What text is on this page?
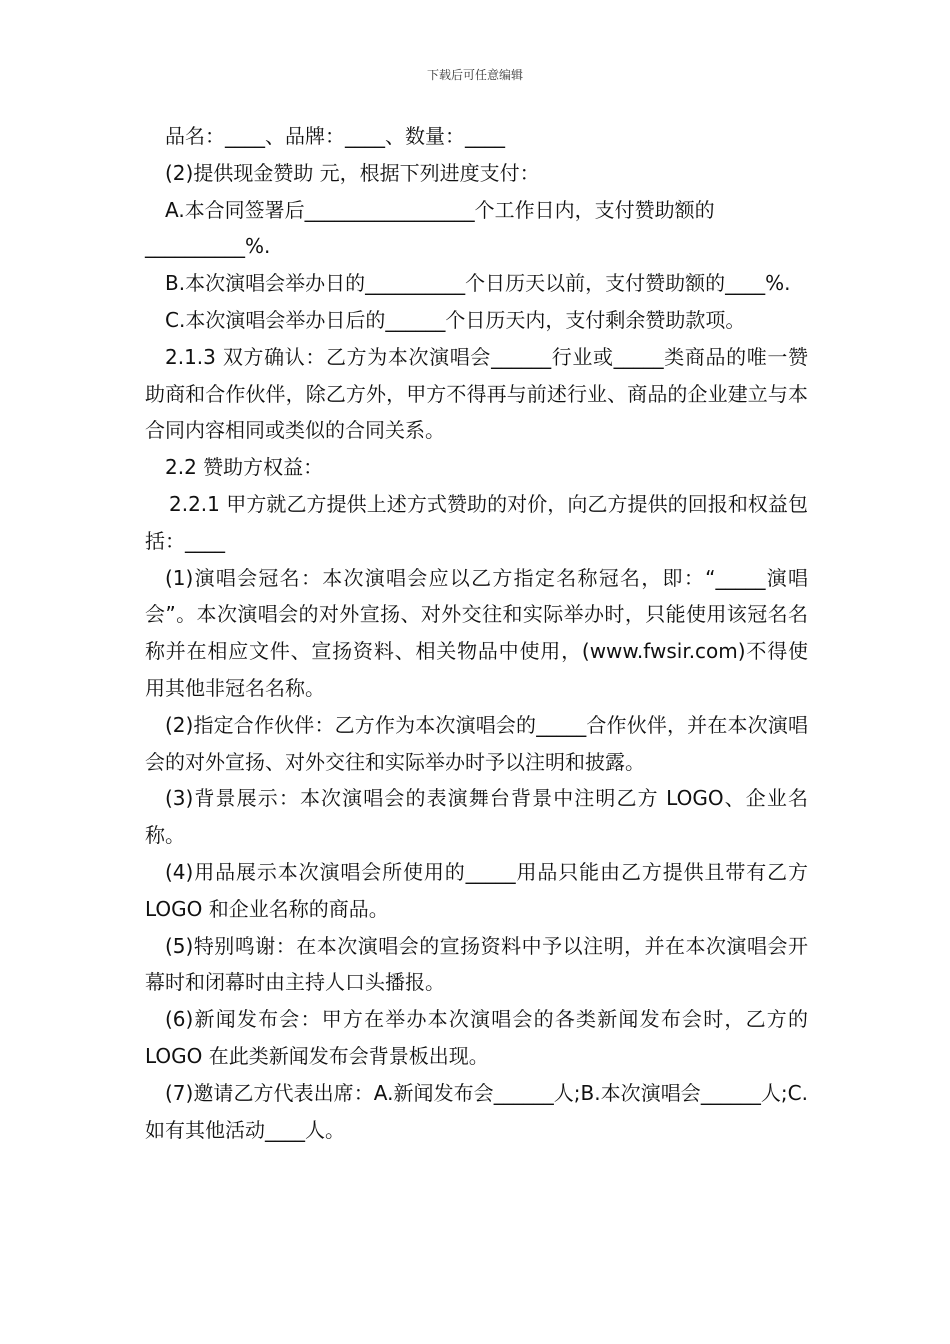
下载后可任意编辑

品名：____、品牌：____、数量：____

(2)提供现金赞助 元，根据下列进度支付：

A.本合同签署后_________________个工作日内，支付赞助额的__________%.

B.本次演唱会举办日的__________个日历天以前，支付赞助额的____%.

C.本次演唱会举办日后的______个日历天内，支付剩余赞助款项。

2.1.3 双方确认：乙方为本次演唱会______行业或_____类商品的唯一赞助商和合作伙伴，除乙方外，甲方不得再与前述行业、商品的企业建立与本合同内容相同或类似的合同关系。

2.2 赞助方权益：

2.2.1 甲方就乙方提供上述方式赞助的对价，向乙方提供的回报和权益包括：____

(1)演唱会冠名：本次演唱会应以乙方指定名称冠名，即：“_____演唱会”。本次演唱会的对外宣扬、对外交往和实际举办时，只能使用该冠名名称并在相应文件、宣扬资料、相关物品中使用，(www.fwsir.com)不得使用其他非冠名名称。

(2)指定合作伙伴：乙方作为本次演唱会的_____合作伙伴，并在本次演唱会的对外宣扬、对外交往和实际举办时予以注明和披露。

(3)背景展示：本次演唱会的表演舞台背景中注明乙方 LOGO、企业名称。

(4)用品展示本次演唱会所使用的_____用品只能由乙方提供且带有乙方 LOGO 和企业名称的商品。

(5)特别鸣谢：在本次演唱会的宣扬资料中予以注明，并在本次演唱会开幕时和闭幕时由主持人口头播报。

(6)新闻发布会：甲方在举办本次演唱会的各类新闻发布会时，乙方的 LOGO 在此类新闻发布会背景板出现。

(7)邀请乙方代表出席：A.新闻发布会______人;B.本次演唱会______人;C.如有其他活动____人。
